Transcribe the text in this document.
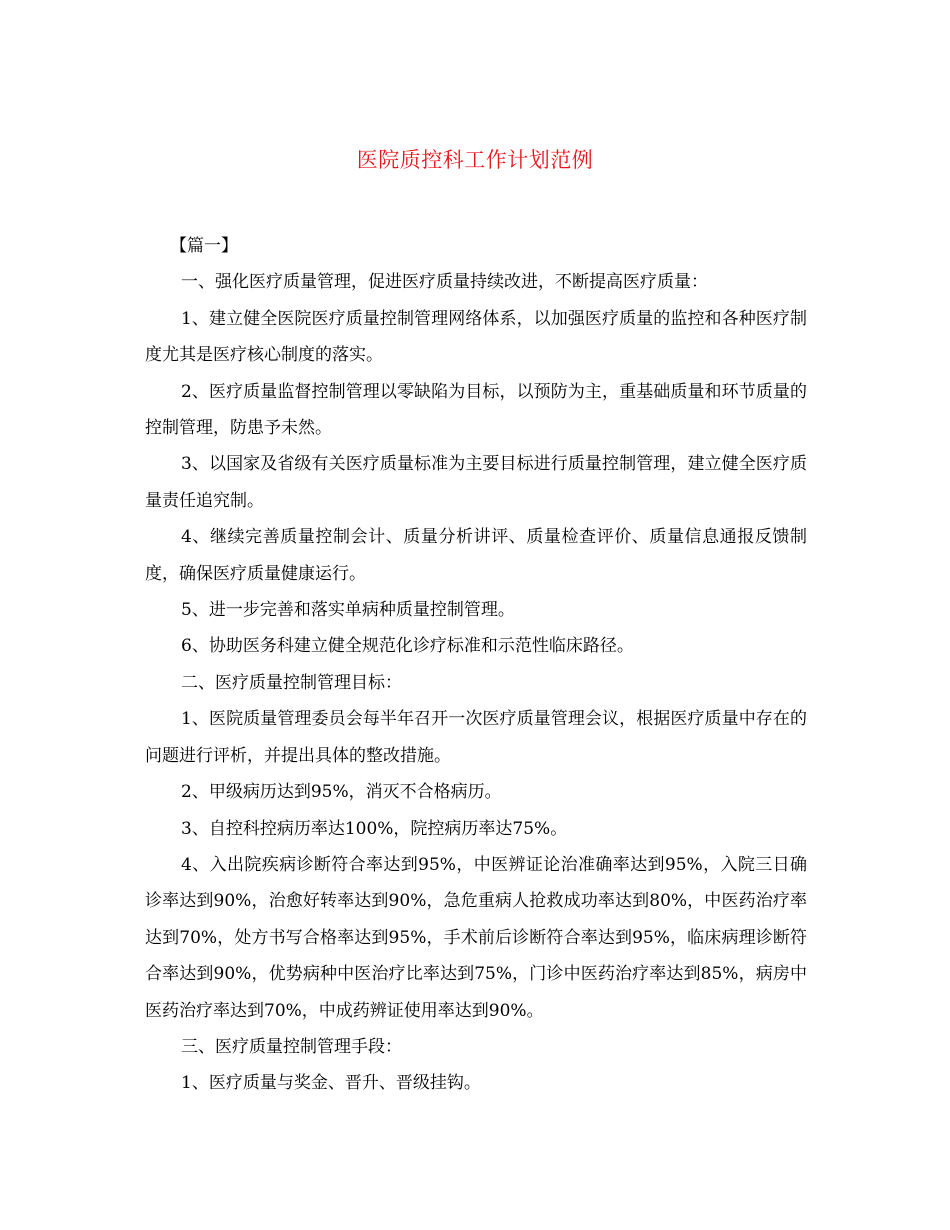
医院质控科工作计划范例

【篇一】

一、强化医疗质量管理，促进医疗质量持续改进，不断提高医疗质量：

1、建立健全医院医疗质量控制管理网络体系，以加强医疗质量的监控和各种医疗制度尤其是医疗核心制度的落实。

2、医疗质量监督控制管理以零缺陷为目标，以预防为主，重基础质量和环节质量的控制管理，防患予未然。

3、以国家及省级有关医疗质量标准为主要目标进行质量控制管理，建立健全医疗质量责任追究制。

4、继续完善质量控制会计、质量分析讲评、质量检查评价、质量信息通报反馈制度，确保医疗质量健康运行。

5、进一步完善和落实单病种质量控制管理。

6、协助医务科建立健全规范化诊疗标准和示范性临床路径。

二、医疗质量控制管理目标：

1、医院质量管理委员会每半年召开一次医疗质量管理会议，根据医疗质量中存在的问题进行评析，并提出具体的整改措施。

2、甲级病历达到95%，消灭不合格病历。

3、自控科控病历率达100%，院控病历率达75%。

4、入出院疾病诊断符合率达到95%，中医辨证论治准确率达到95%，入院三日确诊率达到90%，治愈好转率达到90%，急危重病人抢救成功率达到80%，中医药治疗率达到70%，处方书写合格率达到95%，手术前后诊断符合率达到95%，临床病理诊断符合率达到90%，优势病种中医治疗比率达到75%，门诊中医药治疗率达到85%，病房中医药治疗率达到70%，中成药辨证使用率达到90%。

三、医疗质量控制管理手段：

1、医疗质量与奖金、晋升、晋级挂钩。
